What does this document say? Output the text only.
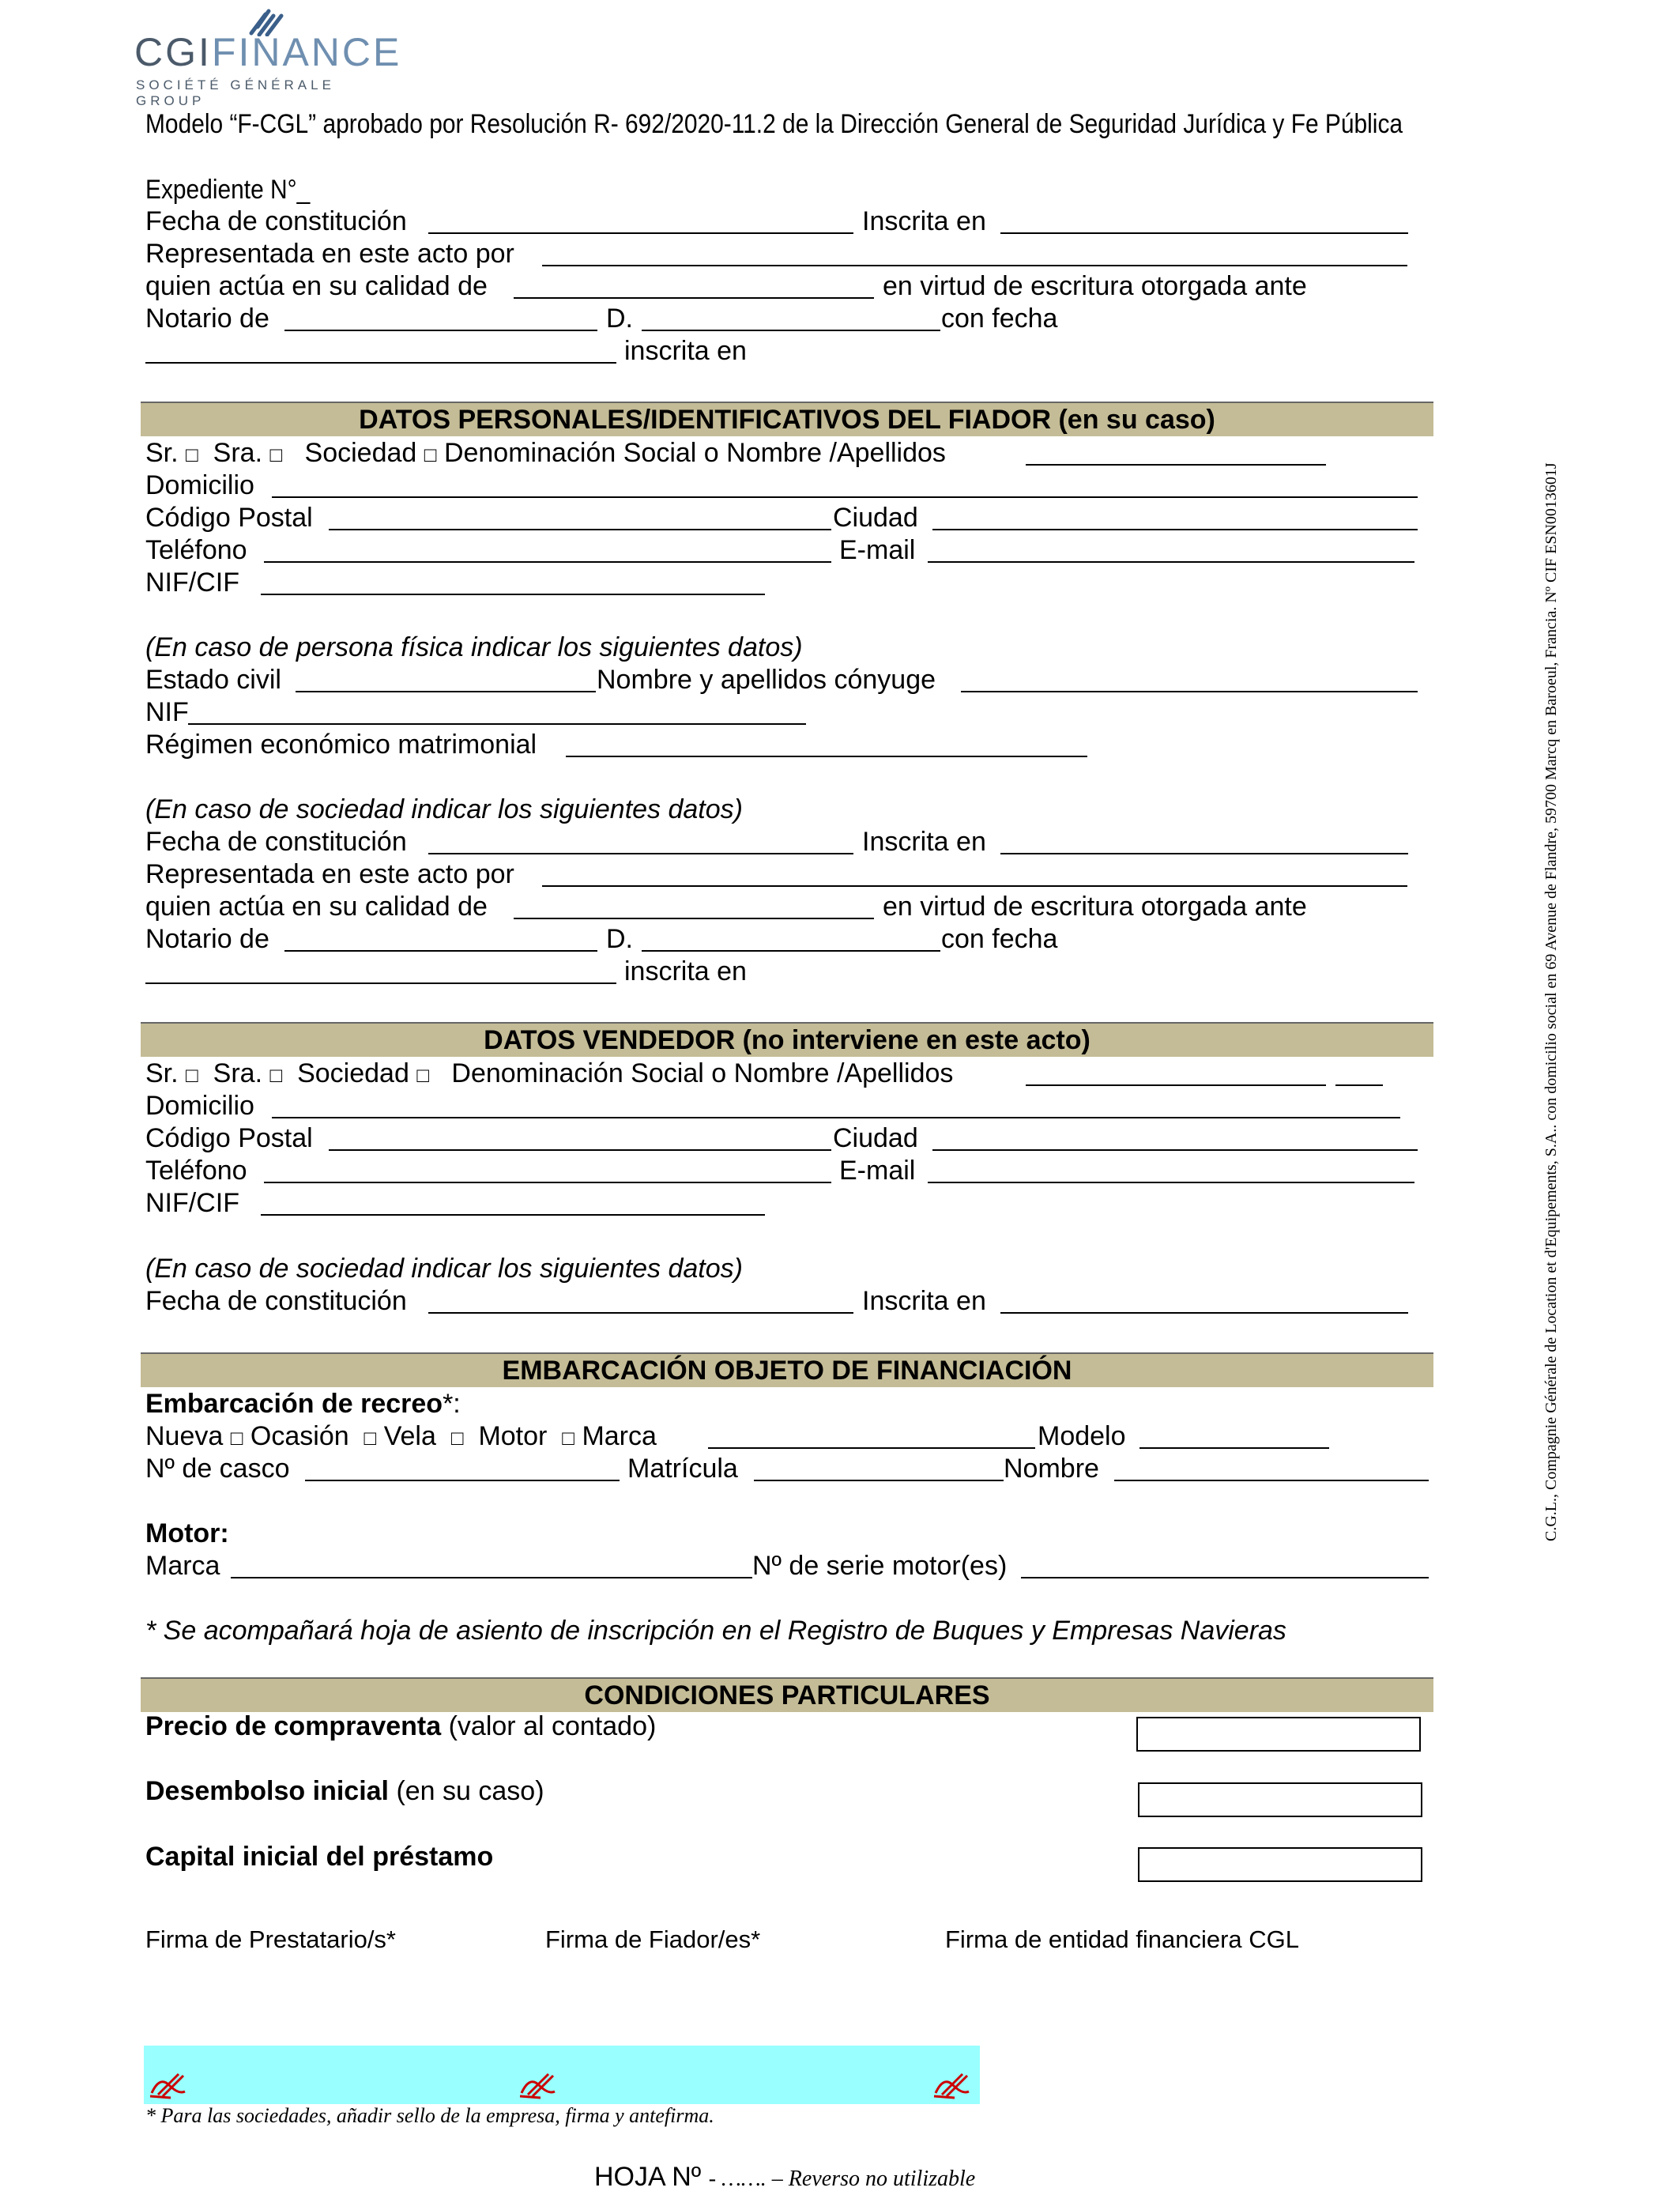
CGIFINANCE
SOCIÉTÉ GÉNÉRALE GROUP
Modelo “F-CGL” aprobado por Resolución R- 692/2020-11.2 de la Dirección General de Seguridad Jurídica y Fe Pública
C.G.L., Compagnie Générale de Location et d'Equipements, S.A.. con domicilio social en 69 Avenue de Flandre, 59700 Marcq en Baroeul, Francia. Nº CIF ESN0013601J
Expediente N°_
Fecha de constitución	Inscrita en
Representada en este acto por
quien actúa en su calidad de	en virtud de escritura otorgada ante
Notario de	D.	con fecha
inscrita en
DATOS PERSONALES/IDENTIFICATIVOS DEL FIADOR (en su caso)
Sr. □ Sra. □ Sociedad □ Denominación Social o Nombre /Apellidos
Domicilio
Código Postal	Ciudad
Teléfono	E-mail
NIF/CIF
(En caso de persona física indicar los siguientes datos)
Estado civil	Nombre y apellidos cónyuge
NIF
Régimen económico matrimonial
(En caso de sociedad indicar los siguientes datos)
Fecha de constitución	Inscrita en
Representada en este acto por
quien actúa en su calidad de	en virtud de escritura otorgada ante
Notario de	D.	con fecha
inscrita en
DATOS VENDEDOR (no interviene en este acto)
Sr. □ Sra. □ Sociedad □ Denominación Social o Nombre /Apellidos
Domicilio
Código Postal	Ciudad
Teléfono	E-mail
NIF/CIF
(En caso de sociedad indicar los siguientes datos)
Fecha de constitución	Inscrita en
EMBARCACIÓN OBJETO DE FINANCIACIÓN
Embarcación de recreo*:
Nueva □ Ocasión □ Vela □ Motor □ Marca	Modelo
Nº de casco	Matrícula	Nombre
Motor:
Marca	Nº de serie motor(es)
* Se acompañará hoja de asiento de inscripción en el Registro de Buques y Empresas Navieras
CONDICIONES PARTICULARES
Precio de compraventa (valor al contado)
Desembolso inicial (en su caso)
Capital inicial del préstamo
Firma de Prestatario/s*	Firma de Fiador/es*	Firma de entidad financiera CGL
* Para las sociedades, añadir sello de la empresa, firma y antefirma.
HOJA Nº - ……. – Reverso no utilizable
